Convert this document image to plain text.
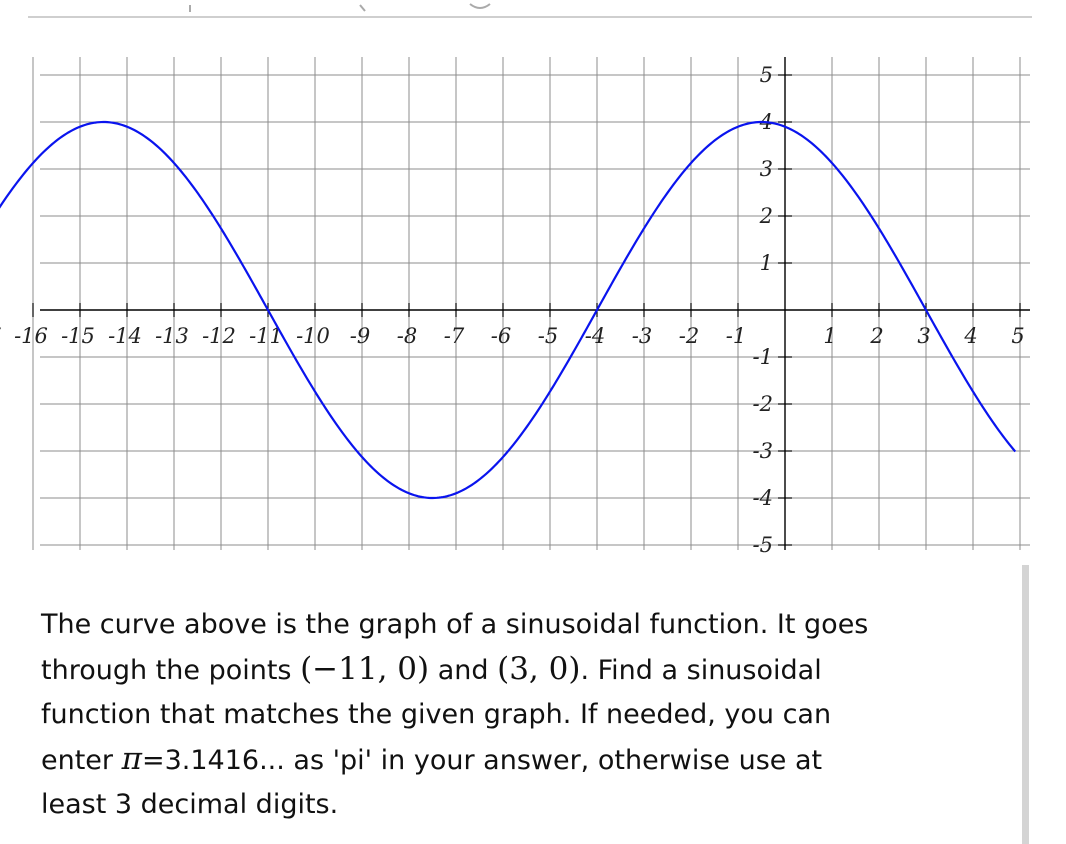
-16 -15 -14 -13 -12 -11 -10 -9 -8 -7 -6 -5 -4 -3 -2 -1	1 2 3 4 5
5
4
3
2
1
-1
-2
-3
-4
-5
The curve above is the graph of a sinusoidal function. It goes
through the points (−11, 0) and (3, 0). Find a sinusoidal
function that matches the given graph. If needed, you can
enter π=3.1416... as 'pi' in your answer, otherwise use at
least 3 decimal digits.
